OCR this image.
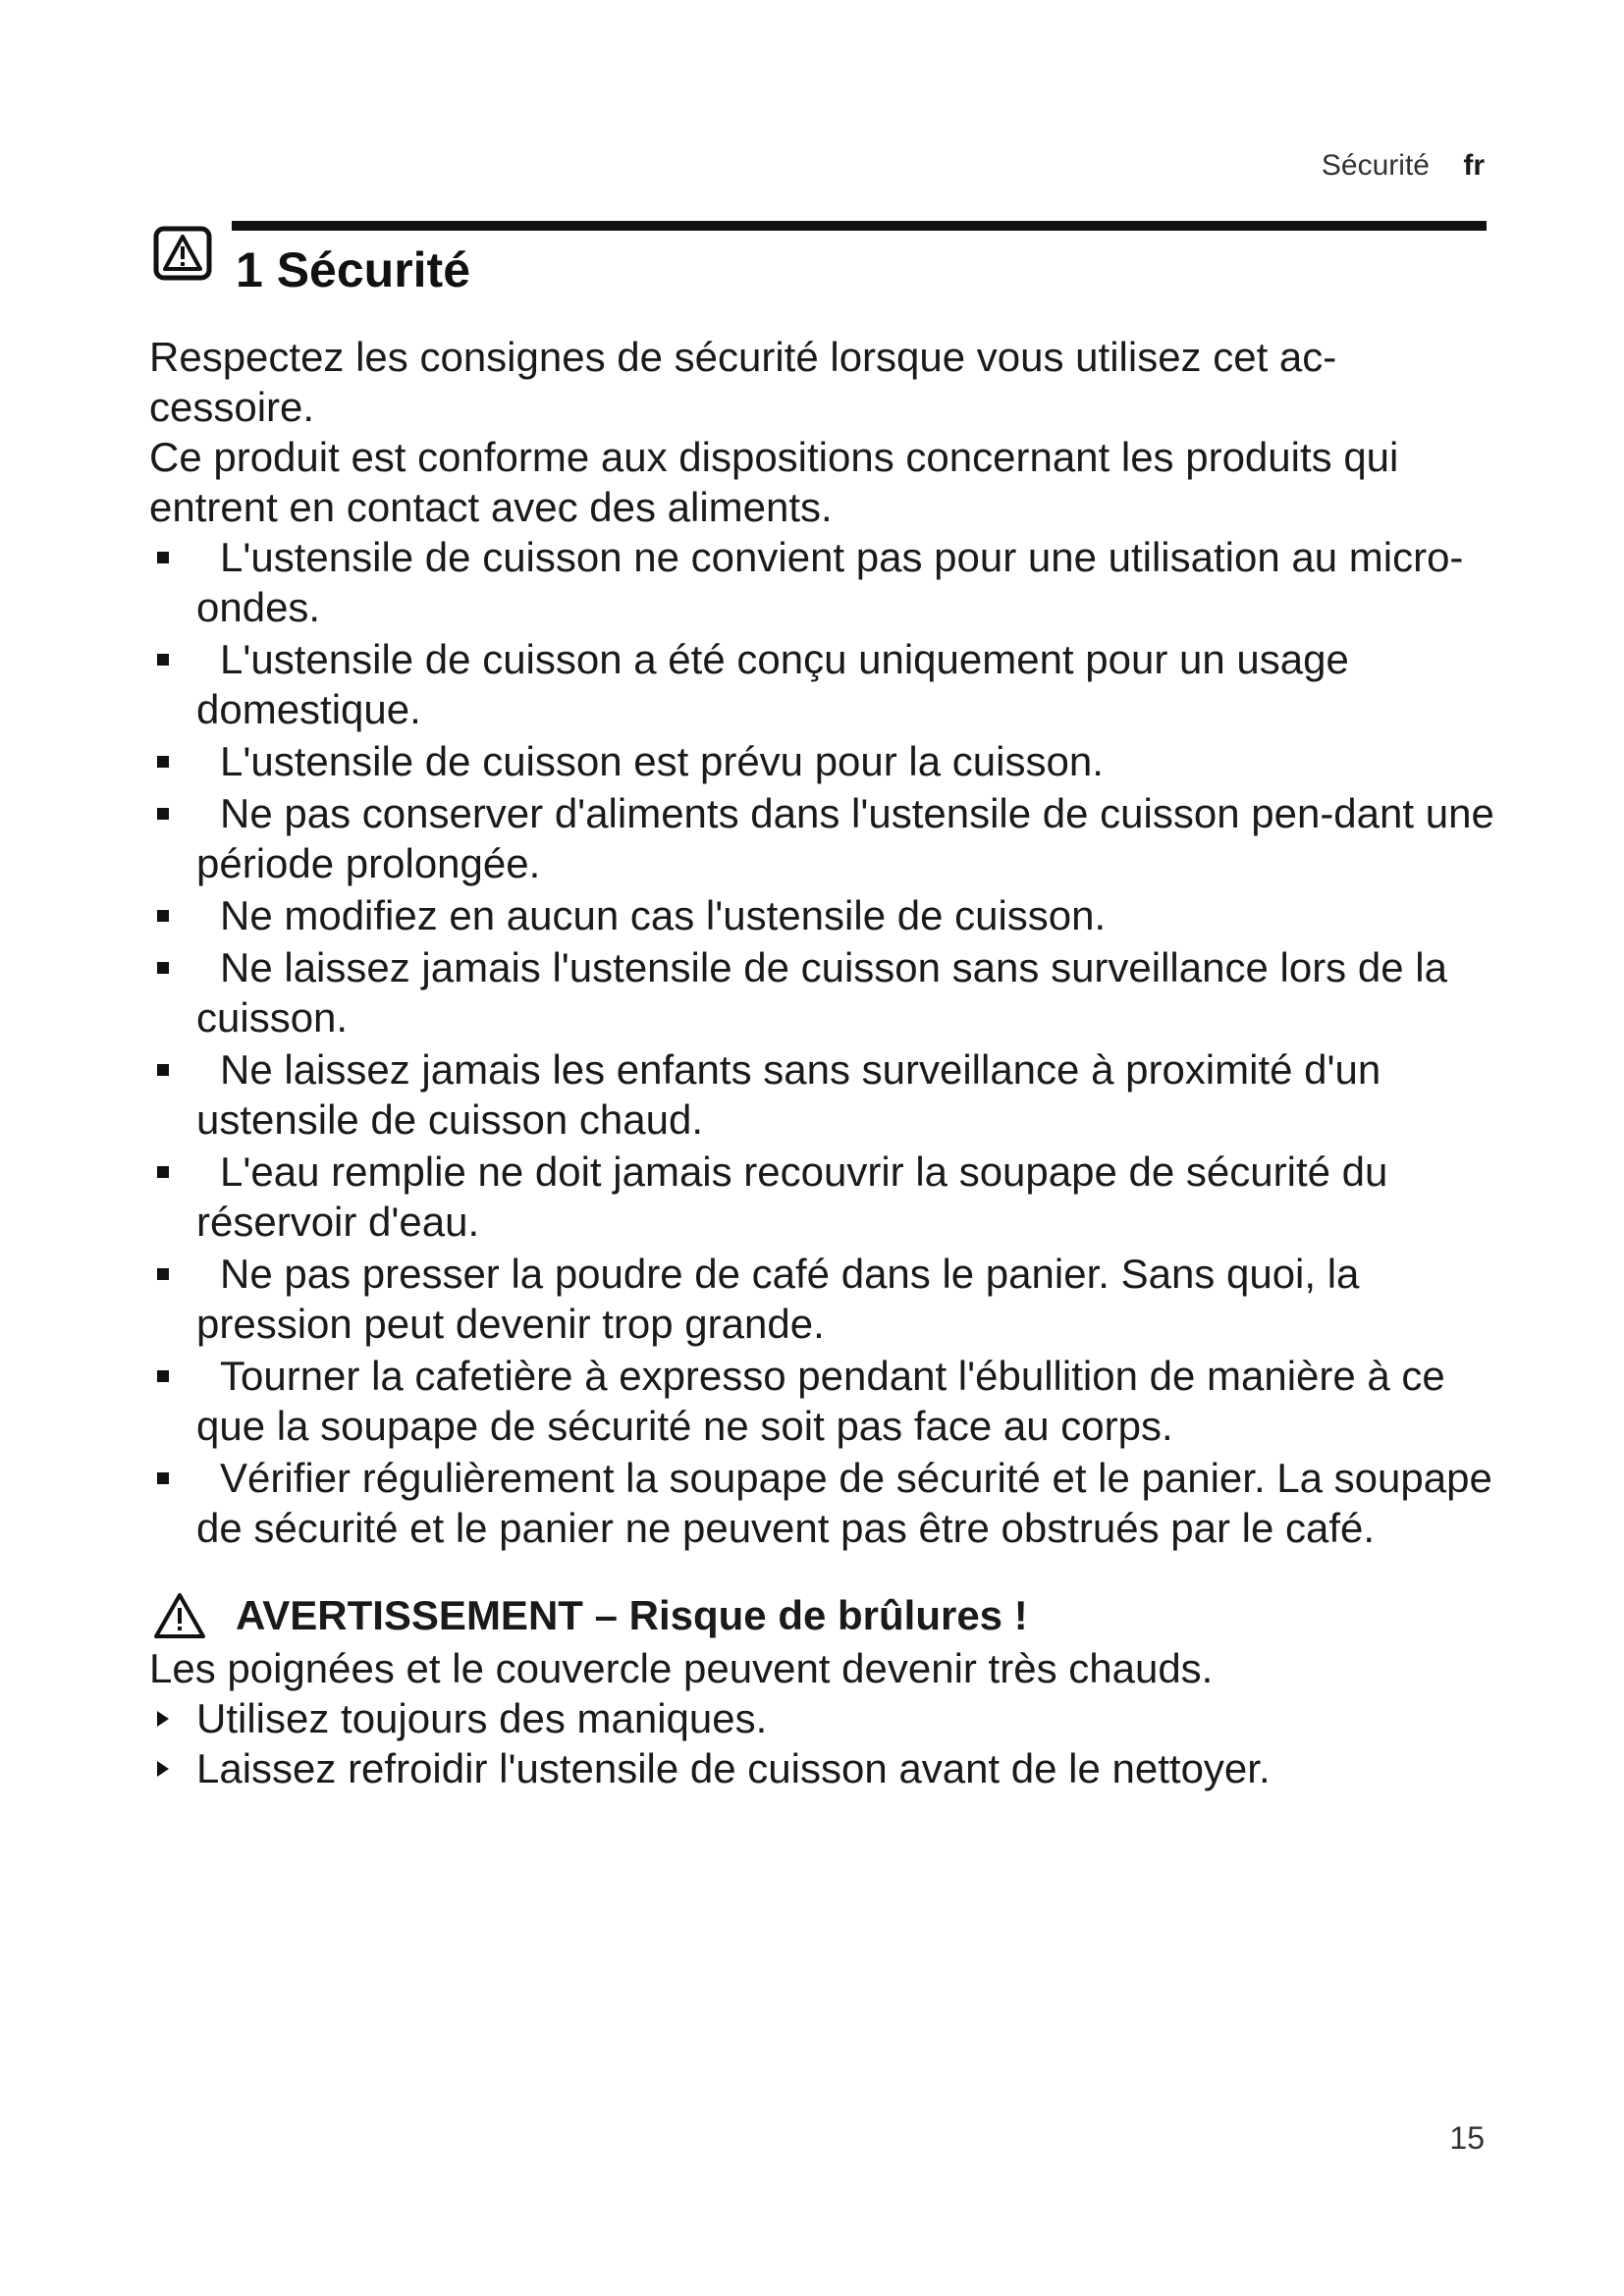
Sécurité fr
1 Sécurité

Respectez les consignes de sécurité lorsque vous utilisez cet ac-cessoire.

Ce produit est conforme aux dispositions concernant les produits qui entrent en contact avec des aliments.

L'ustensile de cuisson ne convient pas pour une utilisation au micro-ondes.
L'ustensile de cuisson a été conçu uniquement pour un usage domestique.
L'ustensile de cuisson est prévu pour la cuisson.
Ne pas conserver d'aliments dans l'ustensile de cuisson pen-dant une période prolongée.
Ne modifiez en aucun cas l'ustensile de cuisson.
Ne laissez jamais l'ustensile de cuisson sans surveillance lors de la cuisson.
Ne laissez jamais les enfants sans surveillance à proximité d'un ustensile de cuisson chaud.
L'eau remplie ne doit jamais recouvrir la soupape de sécurité du réservoir d'eau.
Ne pas presser la poudre de café dans le panier. Sans quoi, la pression peut devenir trop grande.
Tourner la cafetière à expresso pendant l'ébullition de manière à ce que la soupape de sécurité ne soit pas face au corps.
Vérifier régulièrement la soupape de sécurité et le panier. La soupape de sécurité et le panier ne peuvent pas être obstrués par le café.
AVERTISSEMENT – Risque de brûlures !

Les poignées et le couvercle peuvent devenir très chauds.

Utilisez toujours des maniques.
Laissez refroidir l'ustensile de cuisson avant de le nettoyer.
15
